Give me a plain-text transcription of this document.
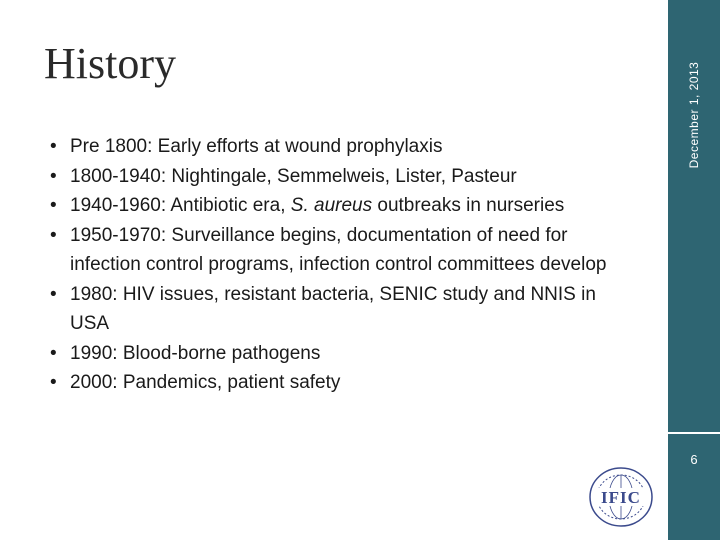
History
• Pre 1800: Early efforts at wound prophylaxis
• 1800-1940: Nightingale, Semmelweis, Lister, Pasteur
• 1940-1960: Antibiotic era, S. aureus outbreaks in nurseries
• 1950-1970: Surveillance begins, documentation of need for infection control programs, infection control committees develop
• 1980: HIV issues, resistant bacteria, SENIC study and NNIS in USA
• 1990: Blood-borne pathogens
• 2000: Pandemics, patient safety
December 1, 2013
6
IFIC
